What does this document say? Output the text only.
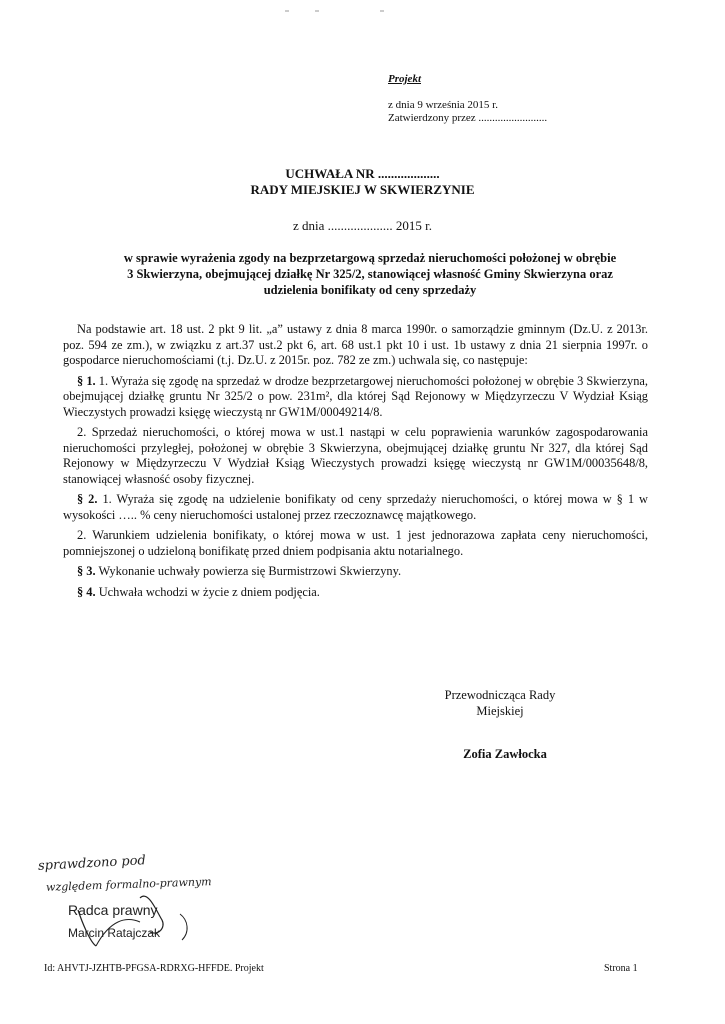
Projekt
z dnia 9 września 2015 r.
Zatwierdzony przez .........................
UCHWAŁA NR ...................
RADY MIEJSKIEJ W SKWIERZYNIE
z dnia .................... 2015 r.
w sprawie wyrażenia zgody na bezprzetargową sprzedaż nieruchomości położonej w obrębie
3 Skwierzyna, obejmującej działkę Nr 325/2, stanowiącej własność Gminy Skwierzyna oraz
udzielenia bonifikaty od ceny sprzedaży

Na podstawie art. 18 ust. 2 pkt 9 lit. „a” ustawy z dnia 8 marca 1990r. o samorządzie gminnym (Dz.U. z 2013r. poz. 594 ze zm.), w związku z art.37 ust.2 pkt 6, art. 68 ust.1 pkt 10 i ust. 1b ustawy z dnia 21 sierpnia 1997r. o gospodarce nieruchomościami (t.j. Dz.U. z 2015r. poz. 782 ze zm.) uchwala się, co następuje:

§ 1. 1. Wyraża się zgodę na sprzedaż w drodze bezprzetargowej nieruchomości położonej w obrębie 3 Skwierzyna, obejmującej działkę gruntu Nr 325/2 o pow. 231m², dla której Sąd Rejonowy w Międzyrzeczu V Wydział Ksiąg Wieczystych prowadzi księgę wieczystą nr GW1M/00049214/8.

2. Sprzedaż nieruchomości, o której mowa w ust.1 nastąpi w celu poprawienia warunków zagospodarowania nieruchomości przyległej, położonej w obrębie 3 Skwierzyna, obejmującej działkę gruntu Nr 327, dla której Sąd Rejonowy w Międzyrzeczu V Wydział Ksiąg Wieczystych prowadzi księgę wieczystą nr GW1M/00035648/8, stanowiącej własność osoby fizycznej.

§ 2. 1. Wyraża się zgodę na udzielenie bonifikaty od ceny sprzedaży nieruchomości, o której mowa w § 1 w wysokości ….. % ceny nieruchomości ustalonej przez rzeczoznawcę majątkowego.

2. Warunkiem udzielenia bonifikaty, o której mowa w ust. 1 jest jednorazowa zapłata ceny nieruchomości, pomniejszonej o udzieloną bonifikatę przed dniem podpisania aktu notarialnego.

§ 3. Wykonanie uchwały powierza się Burmistrzowi Skwierzyny.

§ 4. Uchwała wchodzi w życie z dniem podjęcia.

Przewodnicząca Rady
Miejskiej
Zofia Zawłocka
sprawdzono pod
względem formalno-prawnym
Radca prawny
Marcin Ratajczak
Id: AHVTJ-JZHTB-PFGSA-RDRXG-HFFDE. Projekt	Strona 1
